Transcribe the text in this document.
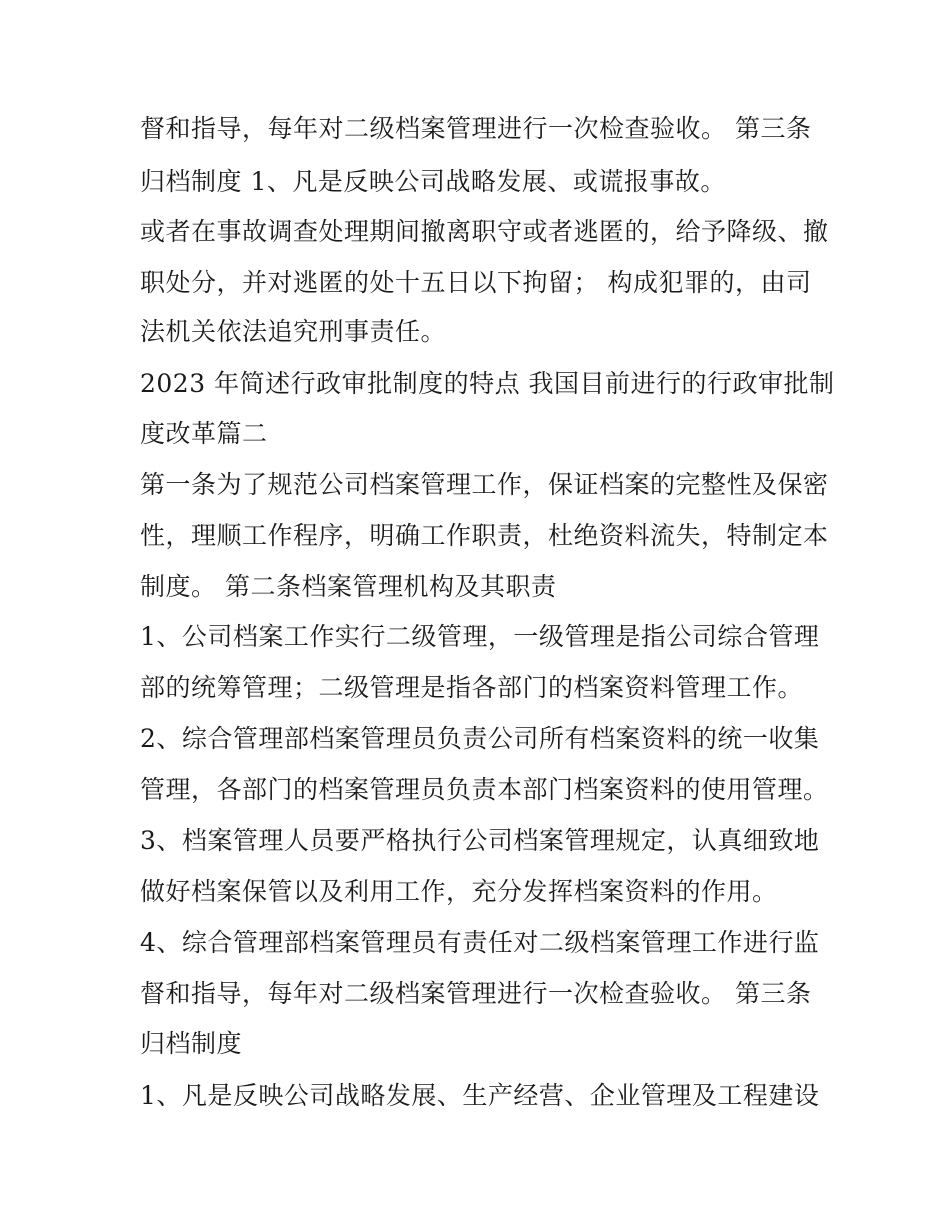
督和指导，每年对二级档案管理进行一次检查验收。 第三条
归档制度 1、凡是反映公司战略发展、或谎报事故。
或者在事故调查处理期间撤离职守或者逃匿的，给予降级、撤
职处分，并对逃匿的处十五日以下拘留； 构成犯罪的，由司
法机关依法追究刑事责任。
2023 年简述行政审批制度的特点 我国目前进行的行政审批制
度改革篇二
第一条为了规范公司档案管理工作，保证档案的完整性及保密
性，理顺工作程序，明确工作职责，杜绝资料流失，特制定本
制度。 第二条档案管理机构及其职责
1、公司档案工作实行二级管理，一级管理是指公司综合管理
部的统筹管理；二级管理是指各部门的档案资料管理工作。
2、综合管理部档案管理员负责公司所有档案资料的统一收集
管理，各部门的档案管理员负责本部门档案资料的使用管理。
3、档案管理人员要严格执行公司档案管理规定，认真细致地
做好档案保管以及利用工作，充分发挥档案资料的作用。
4、综合管理部档案管理员有责任对二级档案管理工作进行监
督和指导，每年对二级档案管理进行一次检查验收。 第三条
归档制度
1、凡是反映公司战略发展、生产经营、企业管理及工程建设
